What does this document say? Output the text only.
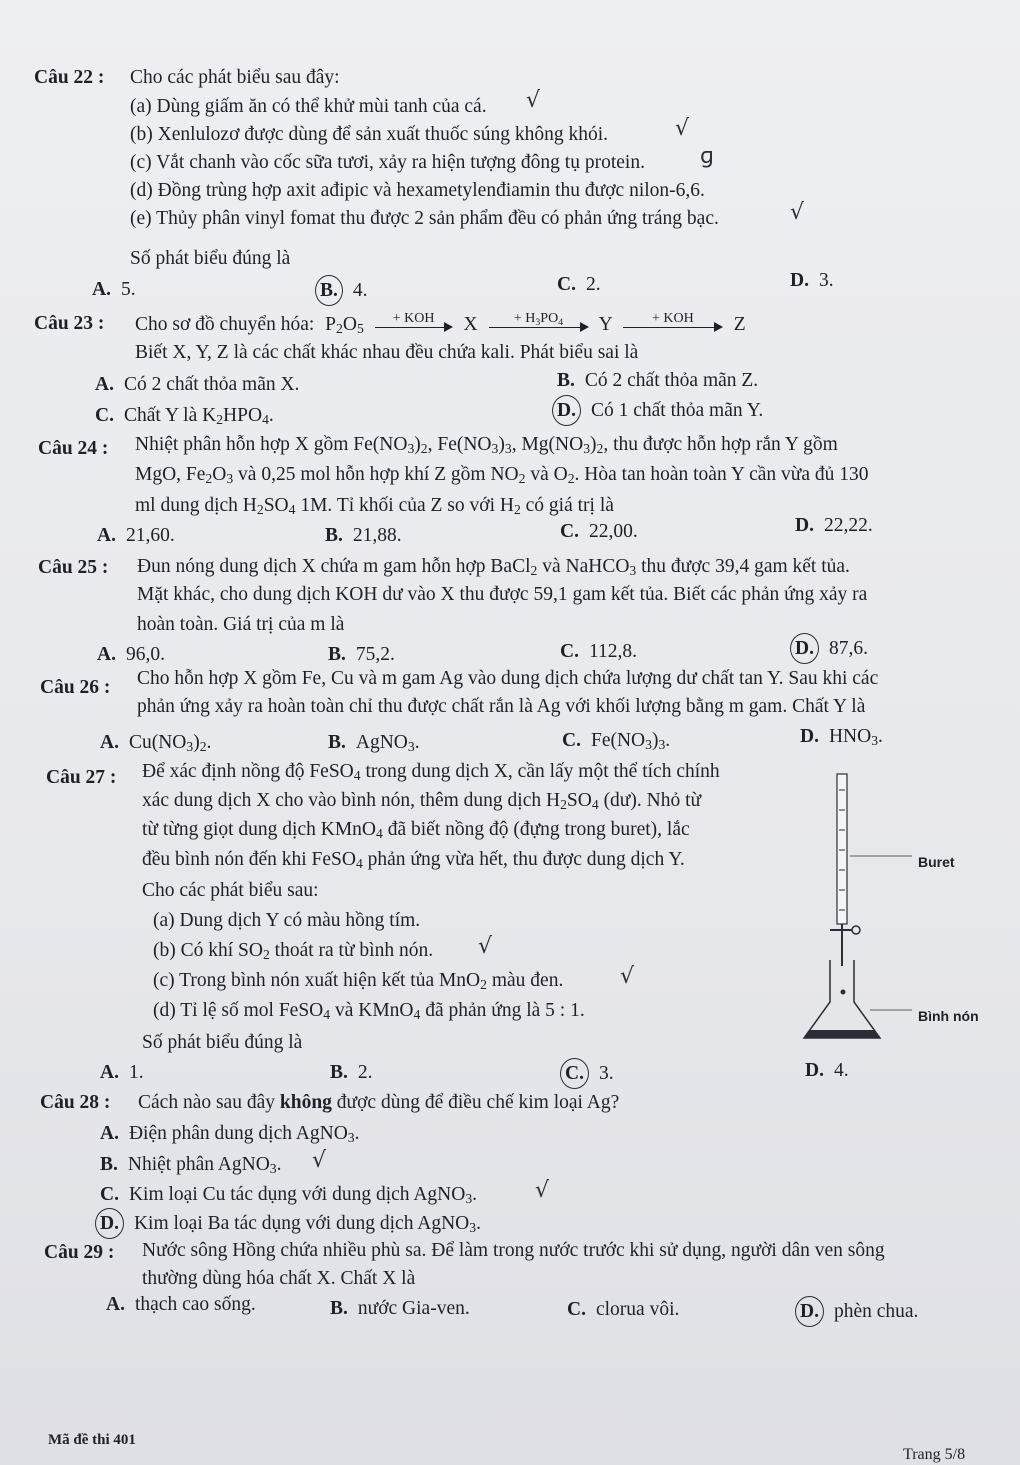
Câu 22 : Cho các phát biểu sau đây:
(a) Dùng giấm ăn có thể khử mùi tanh của cá.
(b) Xenlulozơ được dùng để sản xuất thuốc súng không khói.
(c) Vắt chanh vào cốc sữa tươi, xảy ra hiện tượng đông tụ protein.
(d) Đồng trùng hợp axit ađipic và hexametylenđiamin thu được nilon-6,6.
(e) Thủy phân vinyl fomat thu được 2 sản phẩm đều có phản ứng tráng bạc.
Số phát biểu đúng là
A. 5.	B. 4.	C. 2.	D. 3.
√
√
ɡ
√
Câu 23 : Cho sơ đồ chuyển hóa: $P_2O_5$
+ KOH	X	+ $H_3PO_4$	Y	+ KOH	Z
Biết X, Y, Z là các chất khác nhau đều chứa kali. Phát biểu sai là
A. Có 2 chất thỏa mãn X.	B. Có 2 chất thỏa mãn Z.
C. Chất Y là $K_2HPO_4$.	D. Có 1 chất thỏa mãn Y.
Câu 24 : Nhiệt phân hỗn hợp X gồm $Fe(NO_3)_2$, $Fe(NO_3)_3$, $Mg(NO_3)_2$, thu được hỗn hợp rắn Y gồm
MgO, $Fe_2O_3$ và 0,25 mol hỗn hợp khí Z gồm $NO_2$ và $O_2$. Hòa tan hoàn toàn Y cần vừa đủ 130
ml dung dịch $H_2SO_4$ 1M. Tỉ khối của Z so với $H_2$ có giá trị là
A. 21,60.	B. 21,88.	C. 22,00.	D. 22,22.
Câu 25 : Đun nóng dung dịch X chứa m gam hỗn hợp BaCl$_2$ và NaHCO$_3$ thu được 39,4 gam kết tủa.
Mặt khác, cho dung dịch KOH dư vào X thu được 59,1 gam kết tủa. Biết các phản ứng xảy ra
hoàn toàn. Giá trị của m là
A. 96,0.	B. 75,2.	C. 112,8.	D. 87,6.
Câu 26 : Cho hỗn hợp X gồm Fe, Cu và m gam Ag vào dung dịch chứa lượng dư chất tan Y. Sau khi các
phản ứng xảy ra hoàn toàn chỉ thu được chất rắn là Ag với khối lượng bằng m gam. Chất Y là
A. $Cu(NO_3)_2$.	B. AgNO$_3$.	C. $Fe(NO_3)_3$.	D. $HNO_3$.
Câu 27 : Để xác định nồng độ FeSO$_4$ trong dung dịch X, cần lấy một thể tích chính
xác dung dịch X cho vào bình nón, thêm dung dịch $H_2SO_4$ (dư). Nhỏ từ
từ từng giọt dung dịch KMnO$_4$ đã biết nồng độ (đựng trong buret), lắc
đều bình nón đến khi FeSO$_4$ phản ứng vừa hết, thu được dung dịch Y.
Cho các phát biểu sau:
(a) Dung dịch Y có màu hồng tím.
(b) Có khí $SO_2$ thoát ra từ bình nón.
(c) Trong bình nón xuất hiện kết tủa MnO$_2$ màu đen.
(d) Tỉ lệ số mol FeSO$_4$ và KMnO$_4$ đã phản ứng là 5 : 1.
Số phát biểu đúng là
A. 1.	B. 2.	C. 3.	D. 4.
√
√
Buret
Bình nón
Câu 28 : Cách nào sau đây không được dùng để điều chế kim loại Ag?
A. Điện phân dung dịch AgNO$_3$.
B. Nhiệt phân AgNO$_3$.
C. Kim loại Cu tác dụng với dung dịch AgNO$_3$.
D. Kim loại Ba tác dụng với dung dịch AgNO$_3$.
√
√
Câu 29 : Nước sông Hồng chứa nhiều phù sa. Để làm trong nước trước khi sử dụng, người dân ven sông
thường dùng hóa chất X. Chất X là
A. thạch cao sống.	B. nước Gia-ven.	C. clorua vôi.	D. phèn chua.
Mã đề thi 401
Trang 5/8
